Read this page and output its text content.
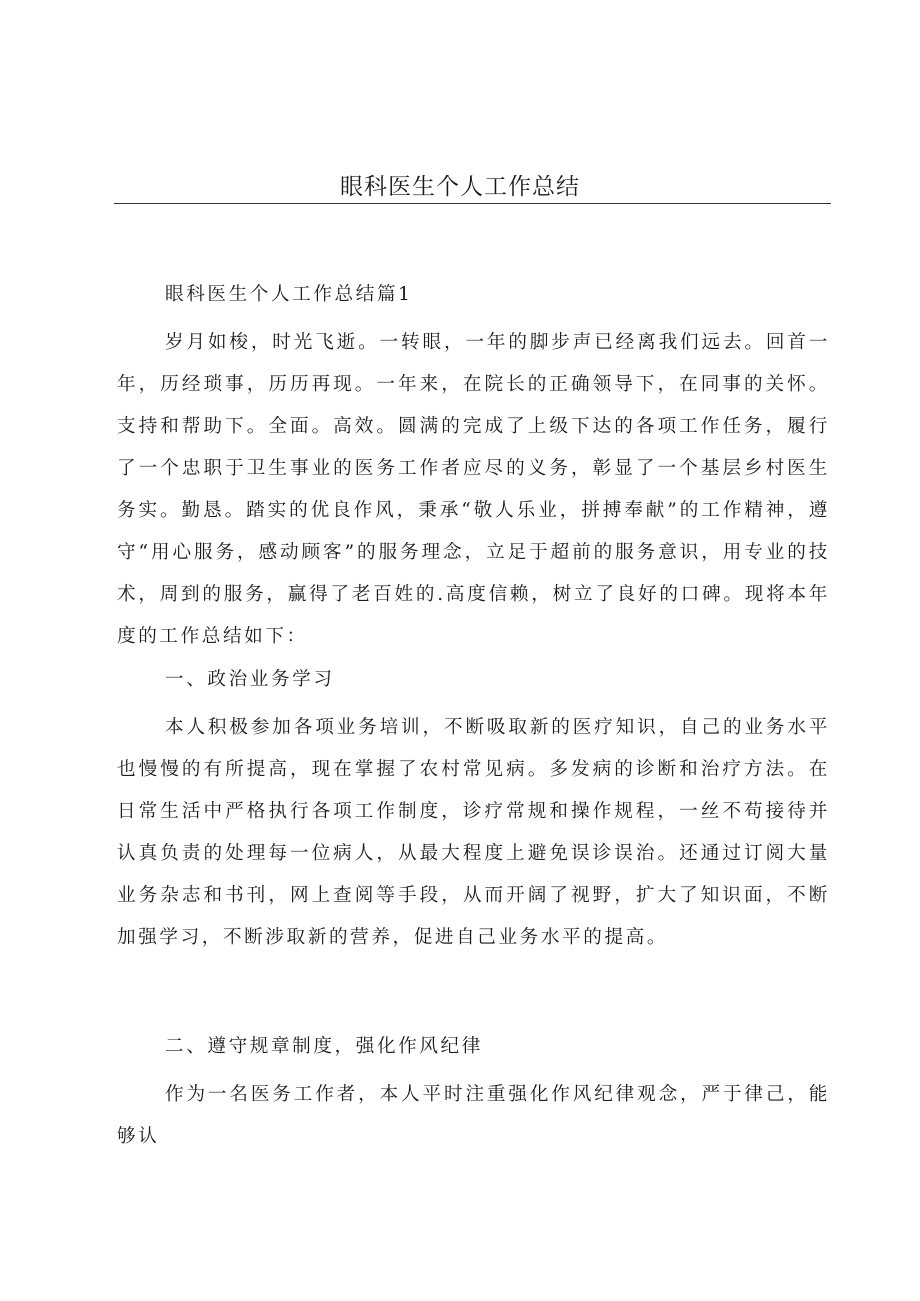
眼科医生个人工作总结

眼科医生个人工作总结篇1

岁月如梭，时光飞逝。一转眼，一年的脚步声已经离我们远去。回首一年，历经琐事，历历再现。一年来，在院长的正确领导下，在同事的关怀。支持和帮助下。全面。高效。圆满的完成了上级下达的各项工作任务，履行了一个忠职于卫生事业的医务工作者应尽的义务，彰显了一个基层乡村医生务实。勤恳。踏实的优良作风，秉承“敬人乐业，拼搏奉献”的工作精神，遵守“用心服务，感动顾客”的服务理念，立足于超前的服务意识，用专业的技术，周到的服务，赢得了老百姓的.高度信赖，树立了良好的口碑。现将本年度的工作总结如下：

一、政治业务学习

本人积极参加各项业务培训，不断吸取新的医疗知识，自己的业务水平也慢慢的有所提高，现在掌握了农村常见病。多发病的诊断和治疗方法。在日常生活中严格执行各项工作制度，诊疗常规和操作规程，一丝不苟接待并认真负责的处理每一位病人，从最大程度上避免误诊误治。还通过订阅大量业务杂志和书刊，网上查阅等手段，从而开阔了视野，扩大了知识面，不断加强学习，不断涉取新的营养，促进自己业务水平的提高。

二、遵守规章制度，强化作风纪律

作为一名医务工作者，本人平时注重强化作风纪律观念，严于律己，能够认
